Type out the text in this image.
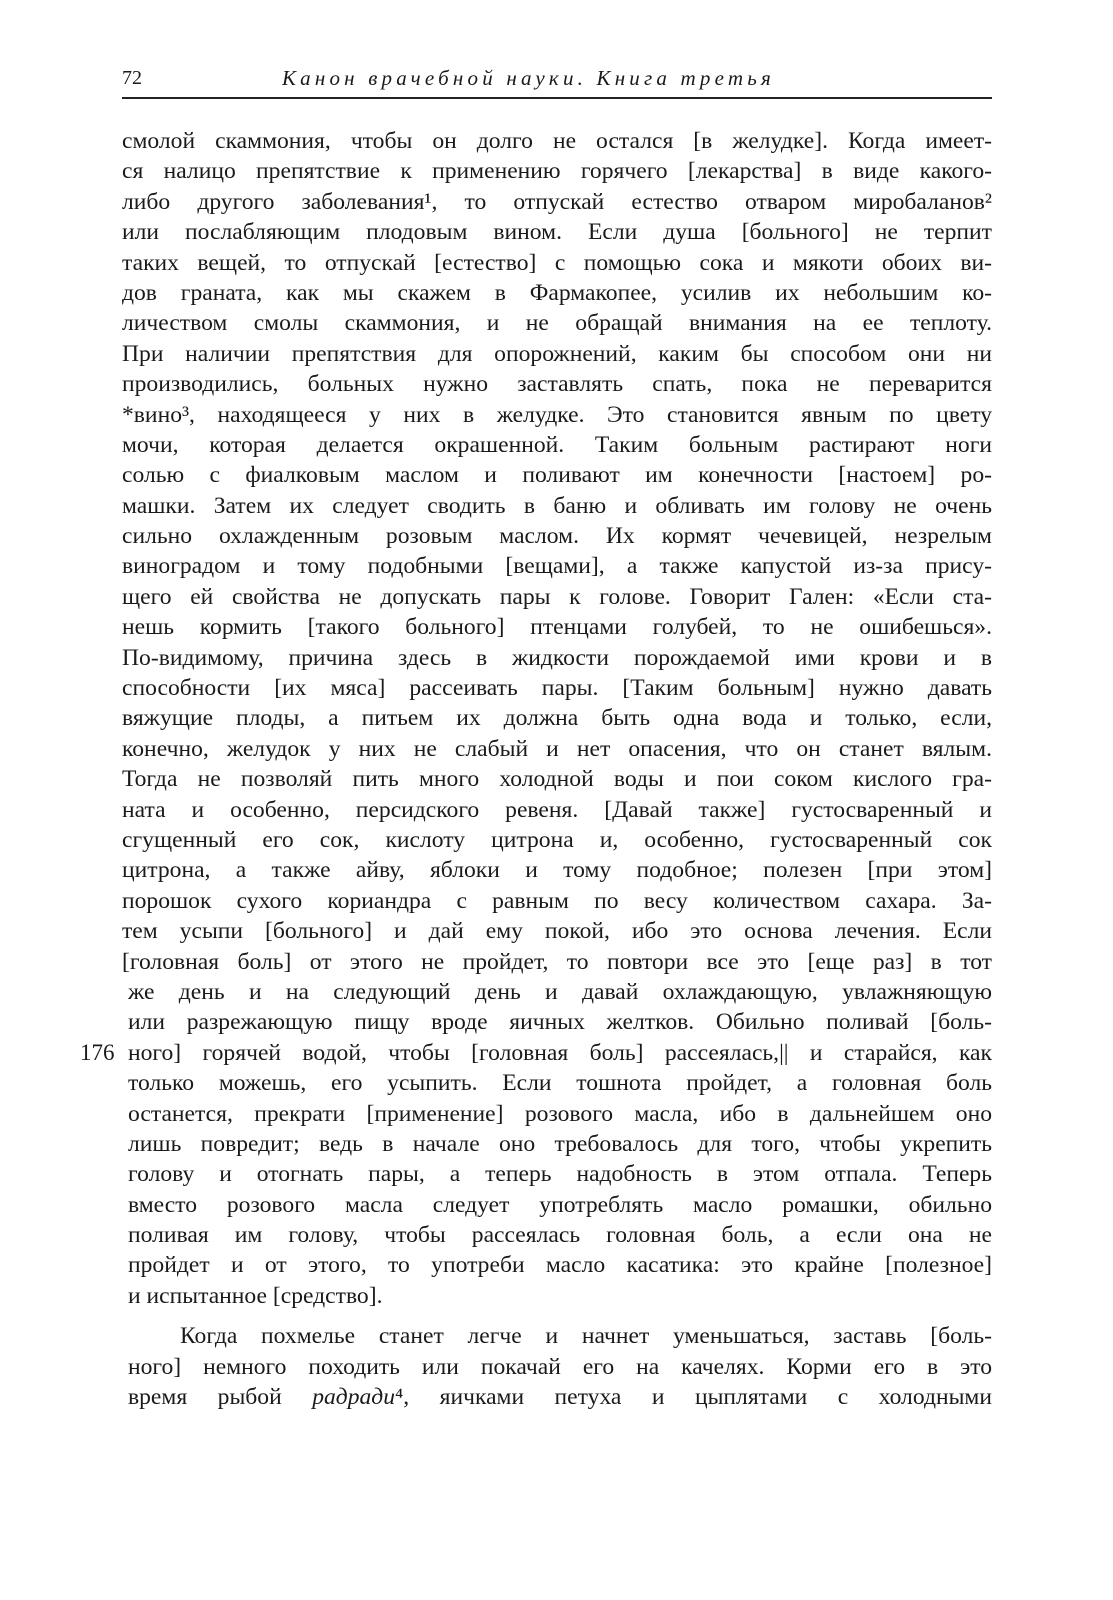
72	Канон врачебной науки. Книга третья
смолой скаммония, чтобы он долго не остался [в желудке]. Когда имеет-
ся налицо препятствие к применению горячего [лекарства] в виде какого-
либо другого заболевания¹, то отпускай естество отваром миробаланов²
или послабляющим плодовым вином. Если душа [больного] не терпит
таких вещей, то отпускай [естество] с помощью сока и мякоти обоих ви-
дов граната, как мы скажем в Фармакопее, усилив их небольшим ко-
личеством смолы скаммония, и не обращай внимания на ее теплоту.
При наличии препятствия для опорожнений, каким бы способом они ни
производились, больных нужно заставлять спать, пока не переварится
*вино³, находящееся у них в желудке. Это становится явным по цвету
мочи, которая делается окрашенной. Таким больным растирают ноги
солью с фиалковым маслом и поливают им конечности [настоем] ро-
машки. Затем их следует сводить в баню и обливать им голову не очень
сильно охлажденным розовым маслом. Их кормят чечевицей, незрелым
виноградом и тому подобными [вещами], а также капустой из-за прису-
щего ей свойства не допускать пары к голове. Говорит Гален: «Если ста-
нешь кормить [такого больного] птенцами голубей, то не ошибешься».
По-видимому, причина здесь в жидкости порождаемой ими крови и в
способности [их мяса] рассеивать пары. [Таким больным] нужно давать
вяжущие плоды, а питьем их должна быть одна вода и только, если,
конечно, желудок у них не слабый и нет опасения, что он станет вялым.
Тогда не позволяй пить много холодной воды и пои соком кислого гра-
ната и особенно, персидского ревеня. [Давай также] густосваренный и
сгущенный его сок, кислоту цитрона и, особенно, густосваренный сок
цитрона, а также айву, яблоки и тому подобное; полезен [при этом]
порошок сухого кориандра с равным по весу количеством сахара. За-
тем усыпи [больного] и дай ему покой, ибо это основа лечения. Если
[головная боль] от этого не пройдет, то повтори все это [еще раз] в тот
же день и на следующий день и давай охлаждающую, увлажняющую
или разрежающую пищу вроде яичных желтков. Обильно поливай [боль-
176 ного] горячей водой, чтобы [головная боль] рассеялась,|| и старайся, как
только можешь, его усыпить. Если тошнота пройдет, а головная боль
останется, прекрати [применение] розового масла, ибо в дальнейшем оно
лишь повредит; ведь в начале оно требовалось для того, чтобы укрепить
голову и отогнать пары, а теперь надобность в этом отпала. Теперь
вместо розового масла следует употреблять масло ромашки, обильно
поливая им голову, чтобы рассеялась головная боль, а если она не
пройдет и от этого, то употреби масло касатика: это крайне [полезное]
и испытанное [средство].
Когда похмелье станет легче и начнет уменьшаться, заставь [боль-
ного] немного походить или покачай его на качелях. Корми его в это
время рыбой радради⁴, яичками петуха и цыплятами с холодными
